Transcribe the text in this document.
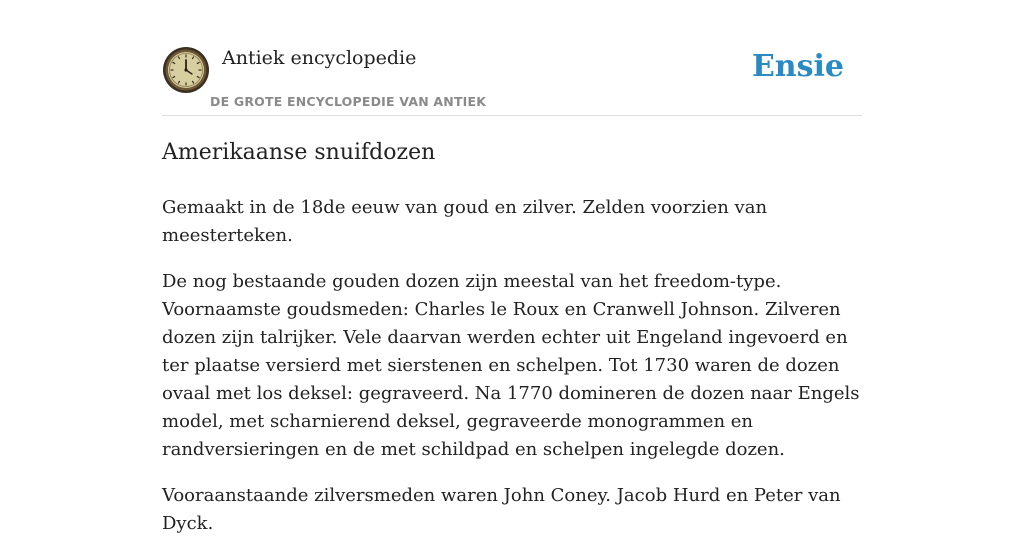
Antiek encyclopedie
DE GROTE ENCYCLOPEDIE VAN ANTIEK
Ensie
Amerikaanse snuifdozen

Gemaakt in de 18de eeuw van goud en zilver. Zelden voorzien van meesterteken.

De nog bestaande gouden dozen zijn meestal van het freedom-type. Voornaamste goudsmeden: Charles le Roux en Cranwell Johnson. Zilveren dozen zijn talrijker. Vele daarvan werden echter uit Engeland ingevoerd en ter plaatse versierd met sierstenen en schelpen. Tot 1730 waren de dozen ovaal met los deksel: gegraveerd. Na 1770 domineren de dozen naar Engels model, met scharnierend deksel, gegraveerde monogrammen en randversieringen en de met schildpad en schelpen ingelegde dozen.

Vooraanstaande zilversmeden waren John Coney. Jacob Hurd en Peter van Dyck.
